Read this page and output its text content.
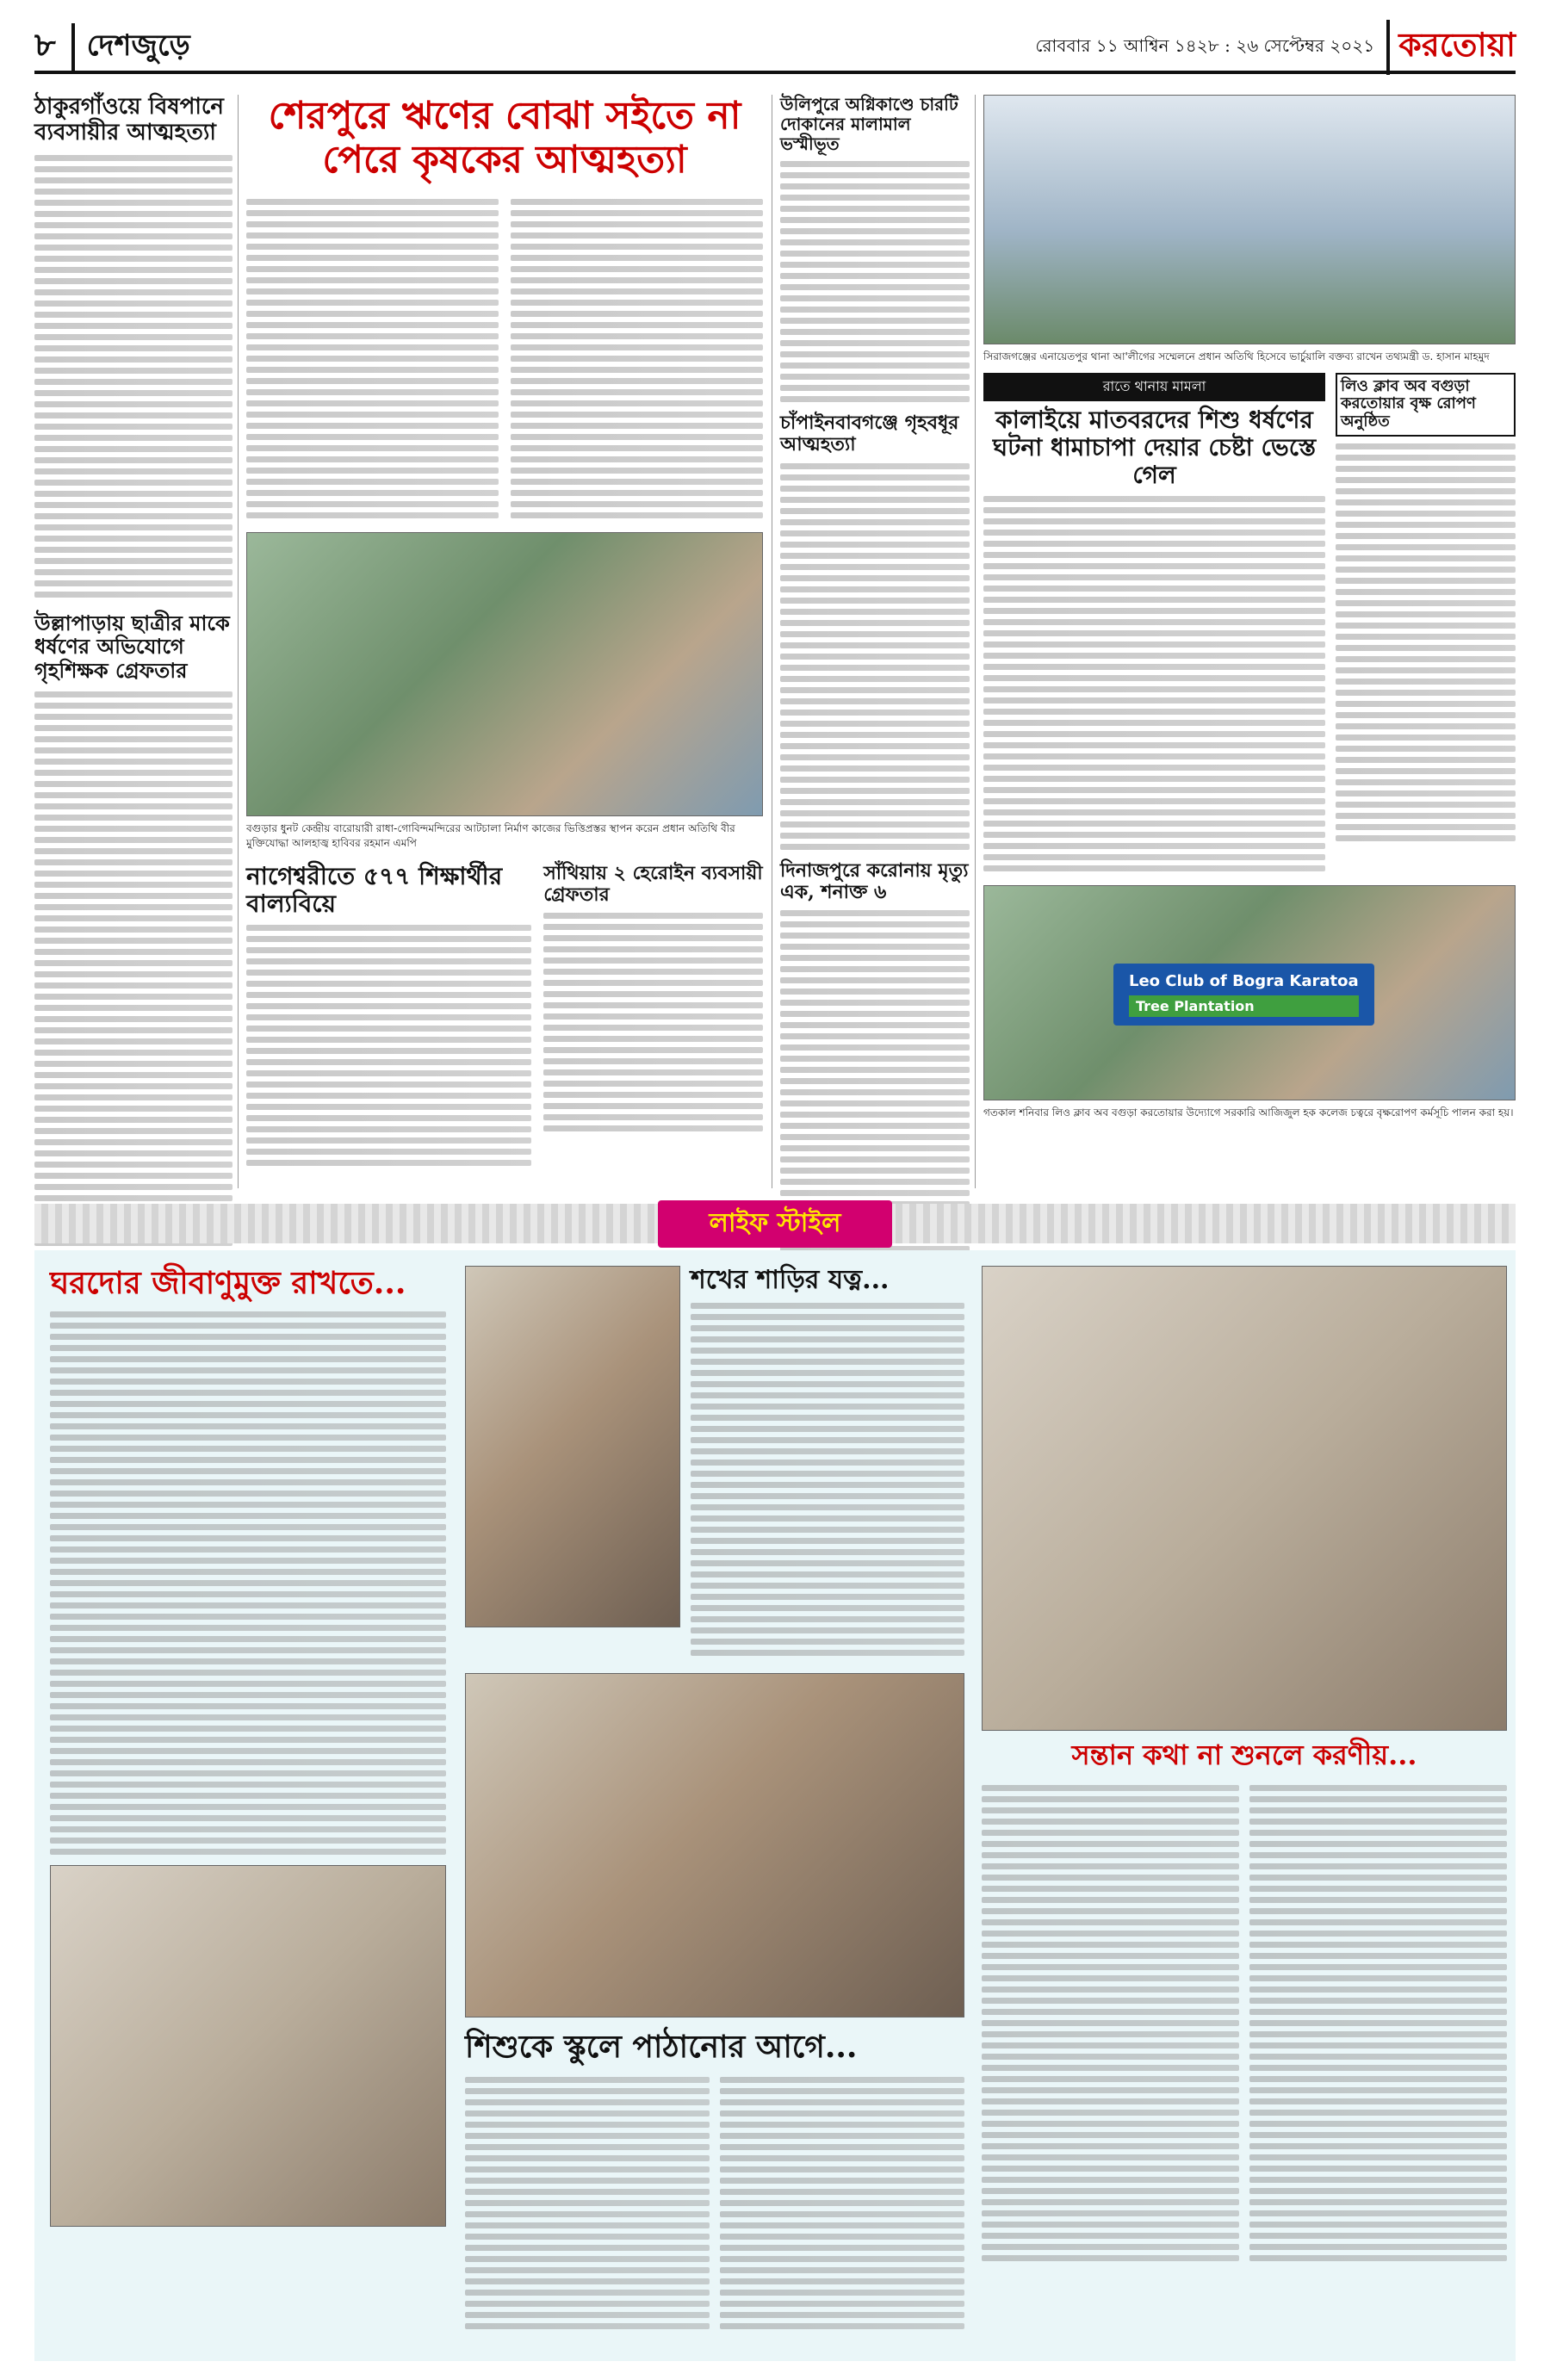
৮	দেশজুড়ে	রোববার ১১ আশ্বিন ১৪২৮ : ২৬ সেপ্টেম্বর ২০২১ করতোয়া
ঠাকুরগাঁওয়ে বিষপানে ব্যবসায়ীর আত্মহত্যা
উল্লাপাড়ায় ছাত্রীর মাকে ধর্ষণের অভিযোগে গৃহশিক্ষক গ্রেফতার
শেরপুরে ঋণের বোঝা সইতে না পেরে কৃষকের আত্মহত্যা
বগুড়ার ধুনট কেন্দ্রীয় বারোয়ারী রাধা-গোবিন্দমন্দিরের আটচালা নির্মাণ কাজের ভিত্তিপ্রস্তর স্থাপন করেন প্রধান অতিথি বীর মুক্তিযোদ্ধা আলহাজ্ব হাবিবর রহমান এমপি
নাগেশ্বরীতে ৫৭৭ শিক্ষার্থীর বাল্যবিয়ে
সাঁথিয়ায় ২ হেরোইন ব্যবসায়ী গ্রেফতার
উলিপুরে অগ্নিকাণ্ডে চারটি দোকানের মালামাল ভস্মীভূত
চাঁপাইনবাবগঞ্জে গৃহবধূর আত্মহত্যা
দিনাজপুরে করোনায় মৃত্যু এক, শনাক্ত ৬
সিরাজগঞ্জের এনায়েতপুর থানা আ'লীগের সম্মেলনে প্রধান অতিথি হিসেবে ভার্চুয়ালি বক্তব্য রাখেন তথ্যমন্ত্রী ড. হাসান মাহমুদ
রাতে থানায় মামলা
কালাইয়ে মাতবরদের শিশু ধর্ষণের ঘটনা ধামাচাপা দেয়ার চেষ্টা ভেস্তে গেল
লিও ক্লাব অব বগুড়া করতোয়ার বৃক্ষ রোপণ অনুষ্ঠিত
Leo Club of Bogra Karatoa
Tree Plantation
গতকাল শনিবার লিও ক্লাব অব বগুড়া করতোয়ার উদ্যোগে সরকারি আজিজুল হক কলেজ চত্বরে বৃক্ষরোপণ কর্মসূচি পালন করা হয়।
লাইফ স্টাইল
ঘরদোর জীবাণুমুক্ত রাখতে...	শখের শাড়ির যত্ন...
শিশুকে স্কুলে পাঠানোর আগে...
সন্তান কথা না শুনলে করণীয়...
